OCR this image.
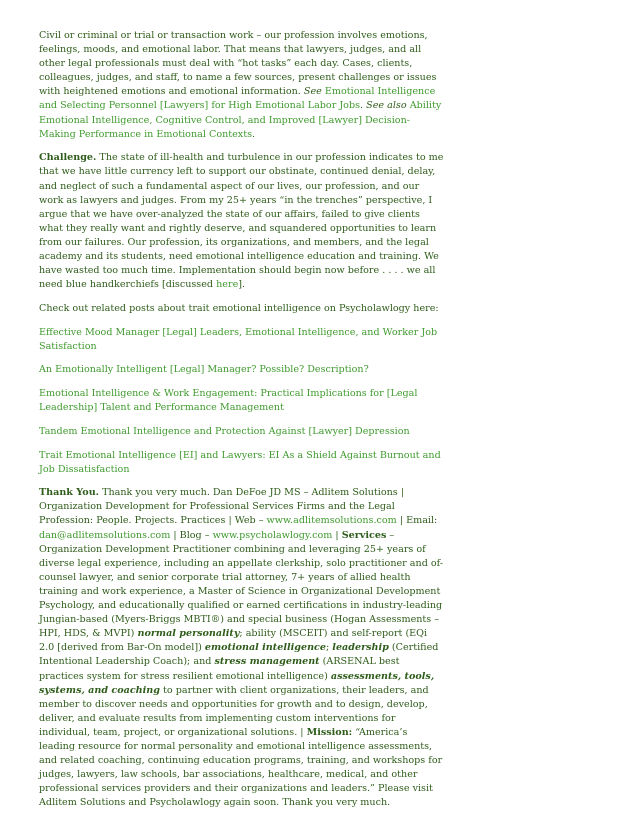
Civil or criminal or trial or transaction work – our profession involves emotions, feelings, moods, and emotional labor. That means that lawyers, judges, and all other legal professionals must deal with “hot tasks” each day. Cases, clients, colleagues, judges, and staff, to name a few sources, present challenges or issues with heightened emotions and emotional information. See Emotional Intelligence and Selecting Personnel [Lawyers] for High Emotional Labor Jobs. See also Ability Emotional Intelligence, Cognitive Control, and Improved [Lawyer] Decision-Making Performance in Emotional Contexts.

Challenge. The state of ill-health and turbulence in our profession indicates to me that we have little currency left to support our obstinate, continued denial, delay, and neglect of such a fundamental aspect of our lives, our profession, and our work as lawyers and judges. From my 25+ years “in the trenches” perspective, I argue that we have over-analyzed the state of our affairs, failed to give clients what they really want and rightly deserve, and squandered opportunities to learn from our failures. Our profession, its organizations, and members, and the legal academy and its students, need emotional intelligence education and training. We have wasted too much time. Implementation should begin now before . . . . we all need blue handkerchiefs [discussed here].

Check out related posts about trait emotional intelligence on Psycholawlogy here:

Effective Mood Manager [Legal] Leaders, Emotional Intelligence, and Worker Job Satisfaction

An Emotionally Intelligent [Legal] Manager? Possible? Description?

Emotional Intelligence & Work Engagement: Practical Implications for [Legal Leadership] Talent and Performance Management

Tandem Emotional Intelligence and Protection Against [Lawyer] Depression

Trait Emotional Intelligence [EI] and Lawyers: EI As a Shield Against Burnout and Job Dissatisfaction

Thank You. Thank you very much. Dan DeFoe JD MS – Adlitem Solutions | Organization Development for Professional Services Firms and the Legal Profession: People. Projects. Practices | Web – www.adlitemsolutions.com | Email: dan@adlitemsolutions.com | Blog – www.psycholawlogy.com | Services – Organization Development Practitioner combining and leveraging 25+ years of diverse legal experience, including an appellate clerkship, solo practitioner and of-counsel lawyer, and senior corporate trial attorney, 7+ years of allied health training and work experience, a Master of Science in Organizational Development Psychology, and educationally qualified or earned certifications in industry-leading Jungian-based (Myers-Briggs MBTI®) and special business (Hogan Assessments – HPI, HDS, & MVPI) normal personality; ability (MSCEIT) and self-report (EQi 2.0 [derived from Bar-On model]) emotional intelligence; leadership (Certified Intentional Leadership Coach); and stress management (ARSENAL best practices system for stress resilient emotional intelligence) assessments, tools, systems, and coaching to partner with client organizations, their leaders, and member to discover needs and opportunities for growth and to design, develop, deliver, and evaluate results from implementing custom interventions for individual, team, project, or organizational solutions. | Mission: “America’s leading resource for normal personality and emotional intelligence assessments, and related coaching, continuing education programs, training, and workshops for judges, lawyers, law schools, bar associations, healthcare, medical, and other professional services providers and their organizations and leaders.” Please visit Adlitem Solutions and Psycholawlogy again soon. Thank you very much.
